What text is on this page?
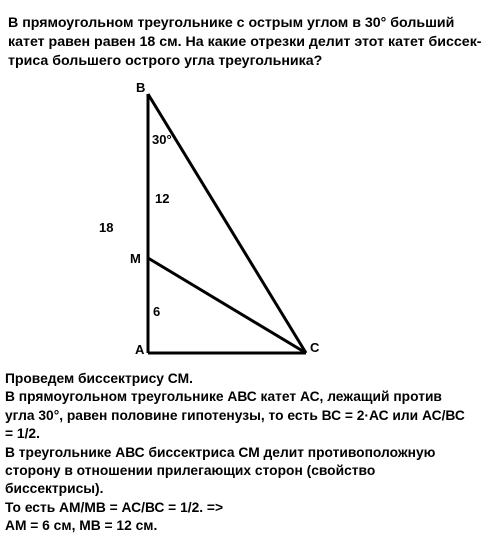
В прямоугольном треугольнике с острым углом в 30° больший
катет равен равен 18 см. На какие отрезки делит этот катет биссек-
триса большего острого угла треугольника?
B
30°
12
18
M
6
A	C
Проведем биссектрису СМ.
В прямоугольном треугольнике АВС катет АС, лежащий против
угла 30°, равен половине гипотенузы, то есть ВС = 2·АС или АС/ВС
= 1/2.
В треугольнике АВС биссектриса СМ делит противоположную
сторону в отношении прилегающих сторон (свойство
биссектрисы).
То есть АМ/МВ = АС/ВС = 1/2. =>
АМ = 6 см, МВ = 12 см.
